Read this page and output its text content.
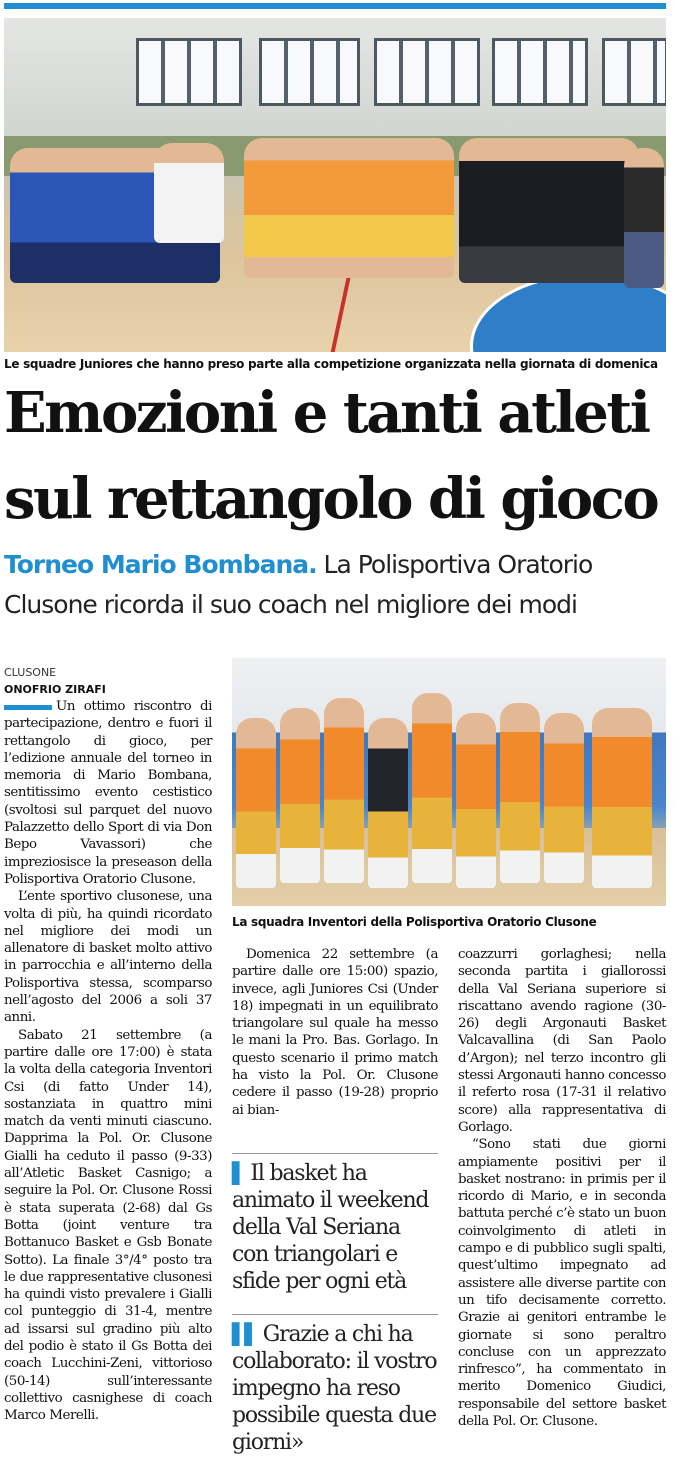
Le squadre Juniores che hanno preso parte alla competizione organizzata nella giornata di domenica
Emozioni e tanti atleti
sul rettangolo di gioco
Torneo Mario Bombana. La Polisportiva Oratorio
Clusone ricorda il suo coach nel migliore dei modi
CLUSONE
ONOFRIO ZIRAFI

Un ottimo riscontro di partecipazione, dentro e fuori il rettangolo di gioco, per l’edizione annuale del torneo in memoria di Mario Bombana, sentitissimo evento cestistico (svoltosi sul parquet del nuovo Palazzetto dello Sport di via Don Bepo Vavassori) che impreziosisce la preseason della Polisportiva Oratorio Clusone.

L’ente sportivo clusonese, una volta di più, ha quindi ricordato nel migliore dei modi un allenatore di basket molto attivo in parrocchia e all’interno della Polisportiva stessa, scomparso nell’agosto del 2006 a soli 37 anni.

Sabato 21 settembre (a partire dalle ore 17:00) è stata la volta della categoria Inventori Csi (di fatto Under 14), sostanziata in quattro mini match da venti minuti ciascuno. Dapprima la Pol. Or. Clusone Gialli ha ceduto il passo (9-33) all’Atletic Basket Casnigo; a seguire la Pol. Or. Clusone Rossi è stata superata (2-68) dal Gs Botta (joint venture tra Bottanuco Basket e Gsb Bonate Sotto). La finale 3°/4° posto tra le due rappresentative clusonesi ha quindi visto prevalere i Gialli col punteggio di 31-4, mentre ad issarsi sul gradino più alto del podio è stato il Gs Botta dei coach Lucchini-Zeni, vittorioso (50-14) sull’interessante collettivo casnighese di coach Marco Merelli.

La squadra Inventori della Polisportiva Oratorio Clusone

Domenica 22 settembre (a partire dalle ore 15:00) spazio, invece, agli Juniores Csi (Under 18) impegnati in un equilibrato triangolare sul quale ha messo le mani la Pro. Bas. Gorlago. In questo scenario il primo match ha visto la Pol. Or. Clusone cedere il passo (19-28) proprio ai bian-

▌ Il basket ha animato il weekend della Val Seriana con triangolari e sfide per ogni età
▌▌ Grazie a chi ha collaborato: il vostro impegno ha reso possibile questa due giorni»

coazzurri gorlaghesi; nella seconda partita i giallorossi della Val Seriana superiore si riscattano avendo ragione (30-26) degli Argonauti Basket Valcavallina (di San Paolo d’Argon); nel terzo incontro gli stessi Argonauti hanno concesso il referto rosa (17-31 il relativo score) alla rappresentativa di Gorlago.

“Sono stati due giorni ampiamente positivi per il basket nostrano: in primis per il ricordo di Mario, e in seconda battuta perché c’è stato un buon coinvolgimento di atleti in campo e di pubblico sugli spalti, quest’ultimo impegnato ad assistere alle diverse partite con un tifo decisamente corretto. Grazie ai genitori entrambe le giornate si sono peraltro concluse con un apprezzato rinfresco”, ha commentato in merito Domenico Giudici, responsabile del settore basket della Pol. Or. Clusone.
